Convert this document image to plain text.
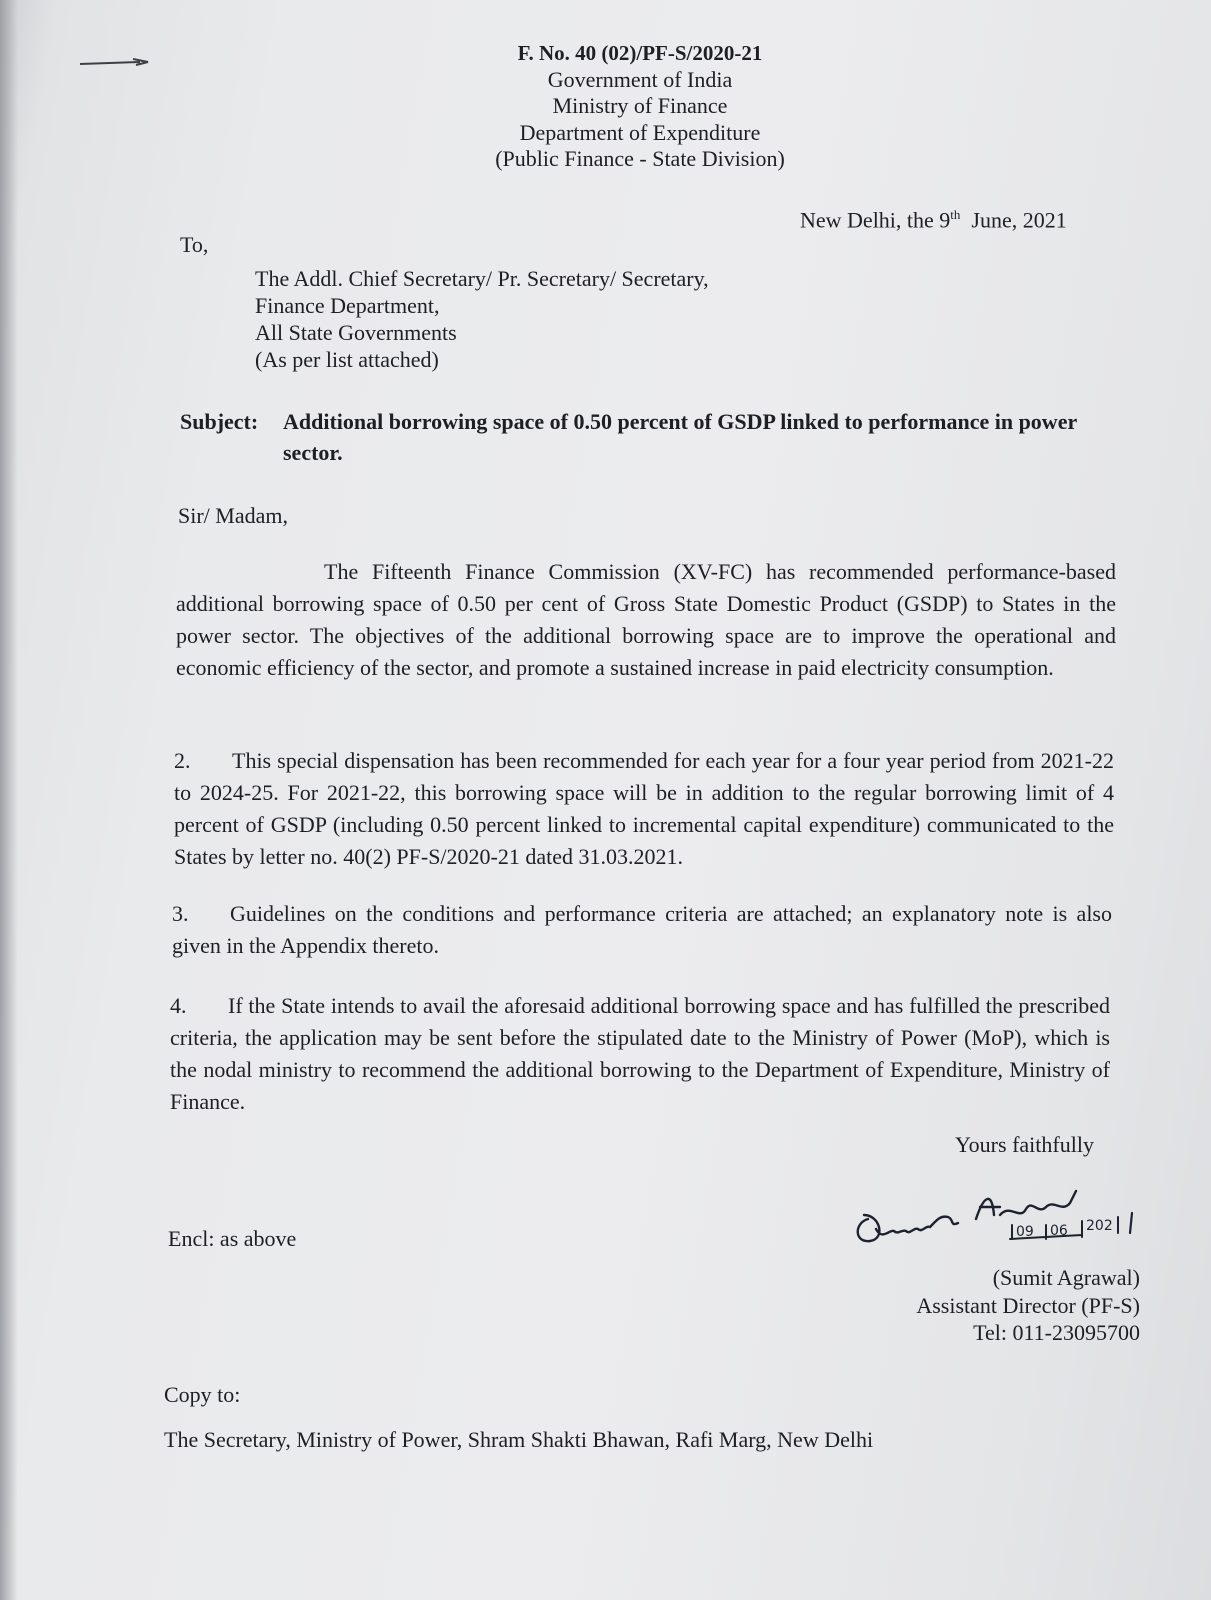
F. No. 40 (02)/PF-S/2020-21
Government of India
Ministry of Finance
Department of Expenditure
(Public Finance - State Division)
New Delhi, the 9th  June, 2021
To,
The Addl. Chief Secretary/ Pr. Secretary/ Secretary,
Finance Department,
All State Governments
(As per list attached)
Subject: Additional borrowing space of 0.50 percent of GSDP linked to performance in power sector.
Sir/ Madam,

The Fifteenth Finance Commission (XV-FC) has recommended performance-based additional borrowing space of 0.50 per cent of Gross State Domestic Product (GSDP) to States in the power sector. The objectives of the additional borrowing space are to improve the operational and economic efficiency of the sector, and promote a sustained increase in paid electricity consumption.

2. This special dispensation has been recommended for each year for a four year period from 2021-22 to 2024-25. For 2021-22, this borrowing space will be in addition to the regular borrowing limit of 4 percent of GSDP (including 0.50 percent linked to incremental capital expenditure) communicated to the States by letter no. 40(2) PF-S/2020-21 dated 31.03.2021.

3. Guidelines on the conditions and performance criteria are attached; an explanatory note is also given in the Appendix thereto.

4. If the State intends to avail the aforesaid additional borrowing space and has fulfilled the prescribed criteria, the application may be sent before the stipulated date to the Ministry of Power (MoP), which is the nodal ministry to recommend the additional borrowing to the Department of Expenditure, Ministry of Finance.

Yours faithfully
Encl: as above	09 06 202
(Sumit Agrawal)
Assistant Director (PF-S)
Tel: 011-23095700
Copy to:
The Secretary, Ministry of Power, Shram Shakti Bhawan, Rafi Marg, New Delhi
